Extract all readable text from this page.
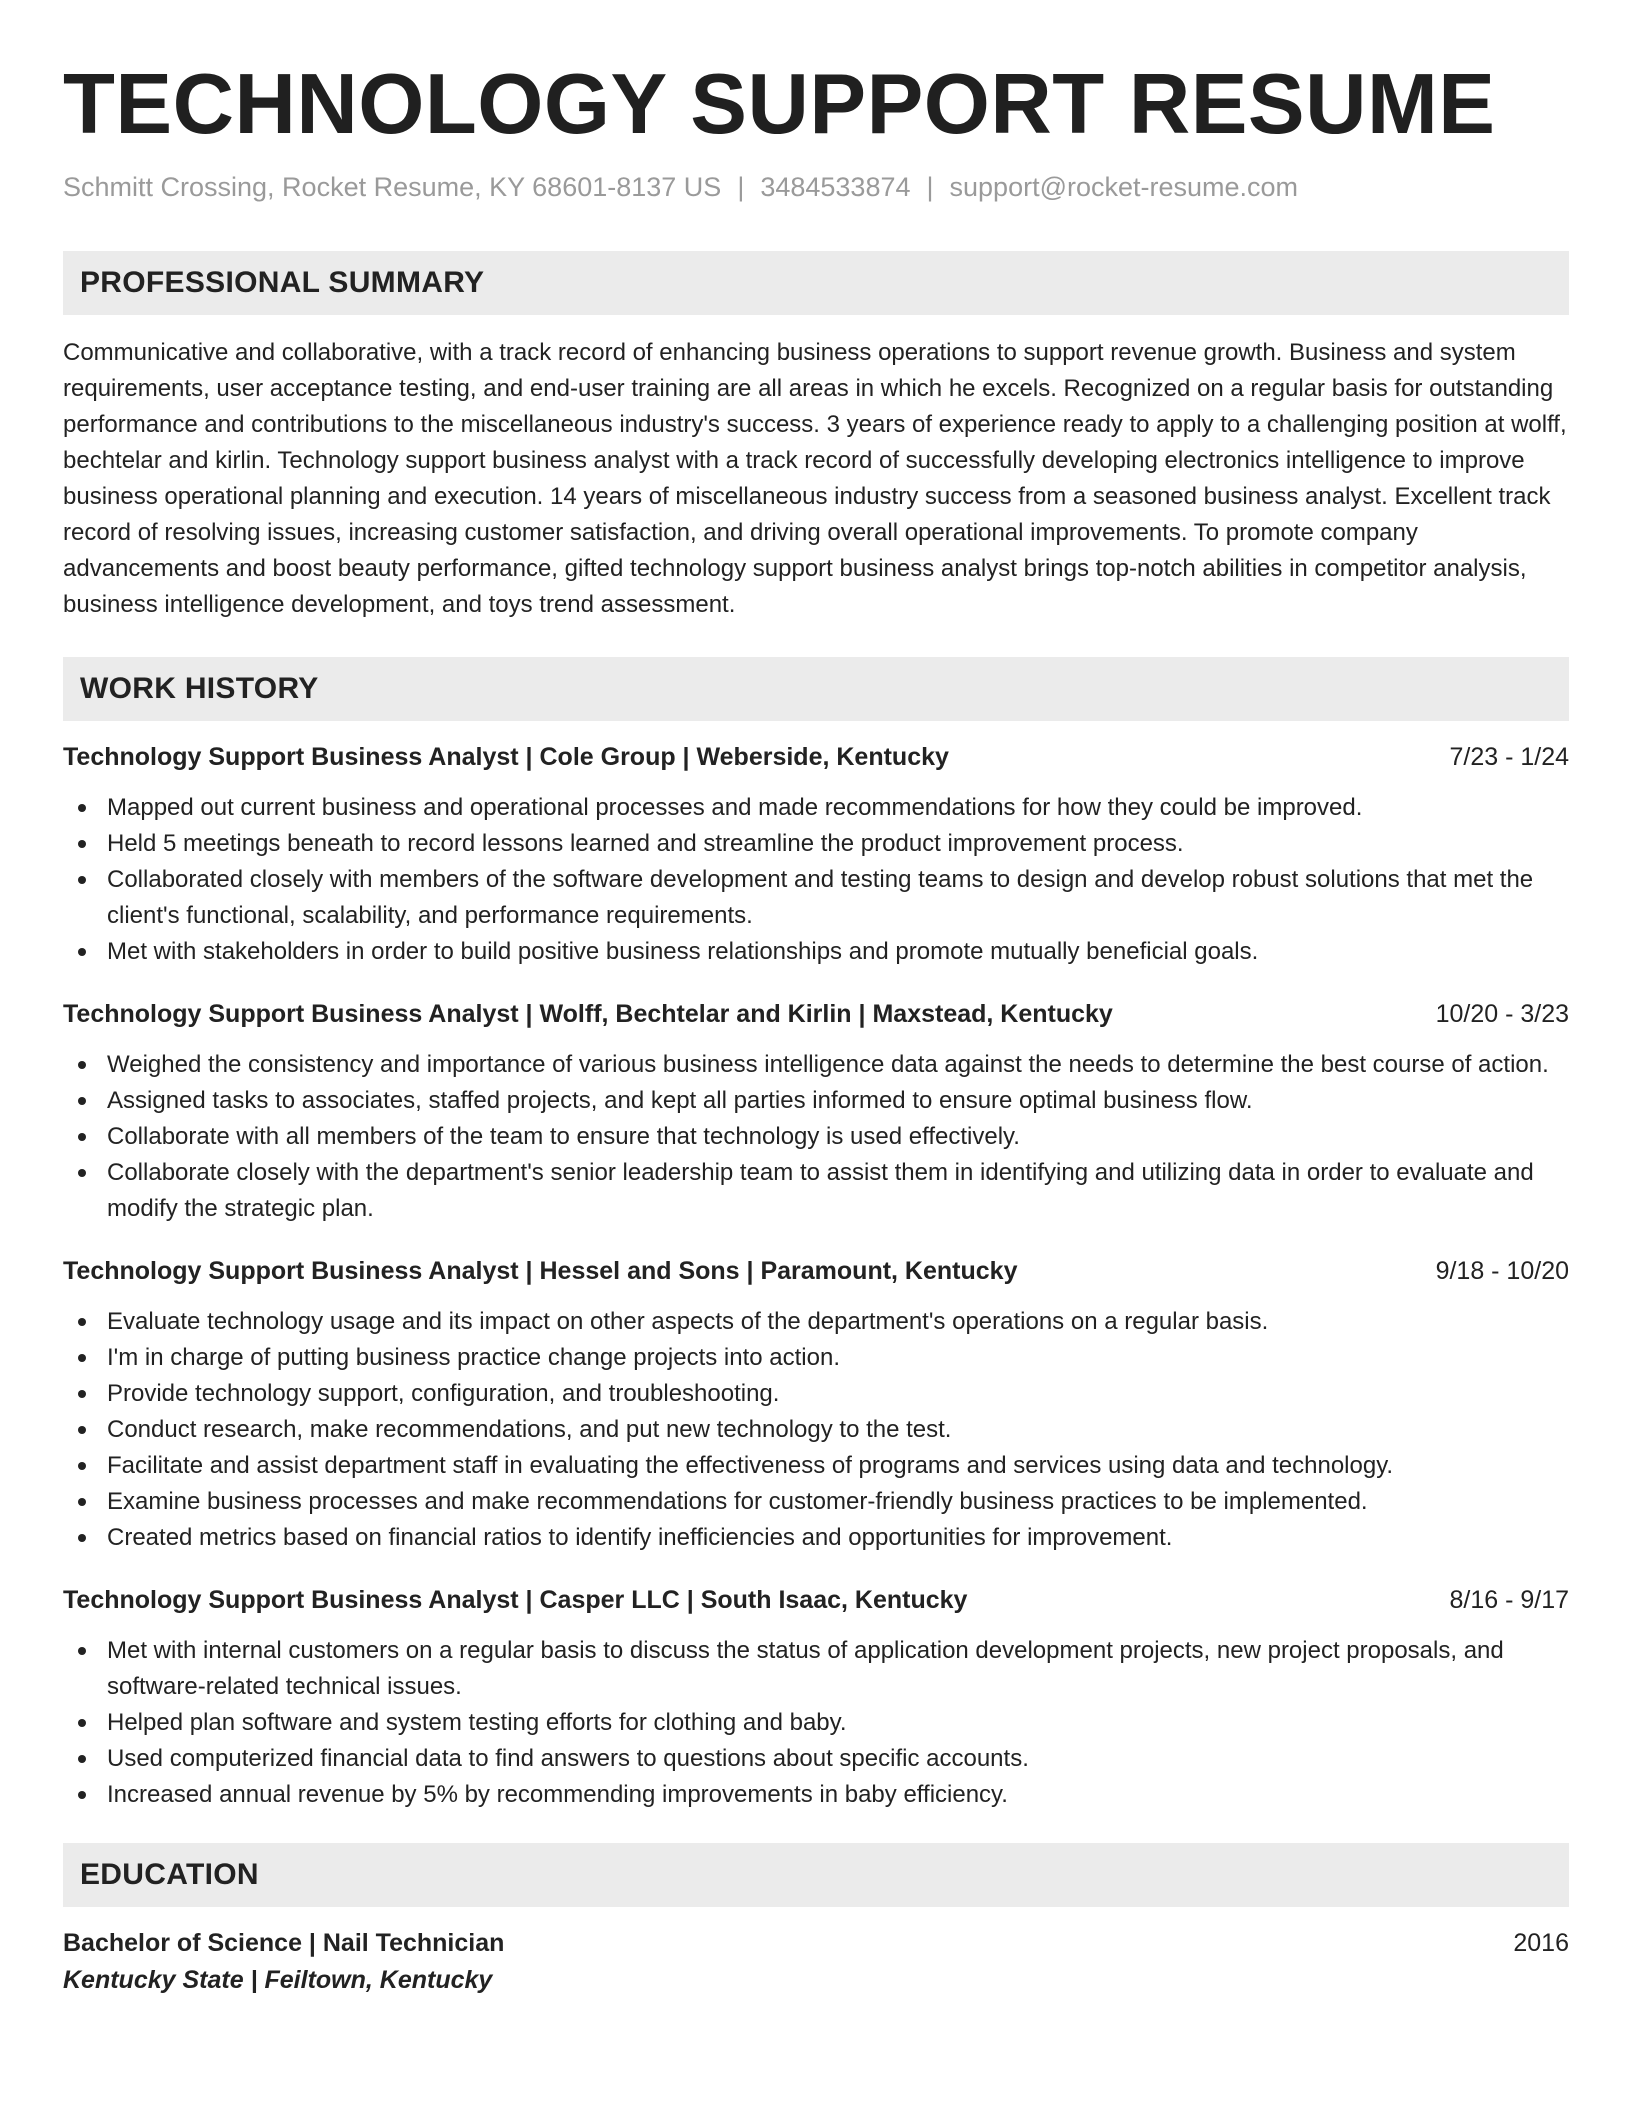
TECHNOLOGY SUPPORT RESUME
Schmitt Crossing, Rocket Resume, KY 68601-8137 US | 3484533874 | support@rocket-resume.com
PROFESSIONAL SUMMARY

Communicative and collaborative, with a track record of enhancing business operations to support revenue growth. Business and system requirements, user acceptance testing, and end-user training are all areas in which he excels. Recognized on a regular basis for outstanding performance and contributions to the miscellaneous industry's success. 3 years of experience ready to apply to a challenging position at wolff, bechtelar and kirlin. Technology support business analyst with a track record of successfully developing electronics intelligence to improve business operational planning and execution. 14 years of miscellaneous industry success from a seasoned business analyst. Excellent track record of resolving issues, increasing customer satisfaction, and driving overall operational improvements. To promote company advancements and boost beauty performance, gifted technology support business analyst brings top-notch abilities in competitor analysis, business intelligence development, and toys trend assessment.

WORK HISTORY
Technology Support Business Analyst | Cole Group | Weberside, Kentucky	7/23 - 1/24
Mapped out current business and operational processes and made recommendations for how they could be improved.
Held 5 meetings beneath to record lessons learned and streamline the product improvement process.
Collaborated closely with members of the software development and testing teams to design and develop robust solutions that met the client's functional, scalability, and performance requirements.
Met with stakeholders in order to build positive business relationships and promote mutually beneficial goals.
Technology Support Business Analyst | Wolff, Bechtelar and Kirlin | Maxstead, Kentucky	10/20 - 3/23
Weighed the consistency and importance of various business intelligence data against the needs to determine the best course of action.
Assigned tasks to associates, staffed projects, and kept all parties informed to ensure optimal business flow.
Collaborate with all members of the team to ensure that technology is used effectively.
Collaborate closely with the department's senior leadership team to assist them in identifying and utilizing data in order to evaluate and modify the strategic plan.
Technology Support Business Analyst | Hessel and Sons | Paramount, Kentucky	9/18 - 10/20
Evaluate technology usage and its impact on other aspects of the department's operations on a regular basis.
I'm in charge of putting business practice change projects into action.
Provide technology support, configuration, and troubleshooting.
Conduct research, make recommendations, and put new technology to the test.
Facilitate and assist department staff in evaluating the effectiveness of programs and services using data and technology.
Examine business processes and make recommendations for customer-friendly business practices to be implemented.
Created metrics based on financial ratios to identify inefficiencies and opportunities for improvement.
Technology Support Business Analyst | Casper LLC | South Isaac, Kentucky	8/16 - 9/17
Met with internal customers on a regular basis to discuss the status of application development projects, new project proposals, and software-related technical issues.
Helped plan software and system testing efforts for clothing and baby.
Used computerized financial data to find answers to questions about specific accounts.
Increased annual revenue by 5% by recommending improvements in baby efficiency.
EDUCATION
Bachelor of Science | Nail Technician	2016
Kentucky State | Feiltown, Kentucky
